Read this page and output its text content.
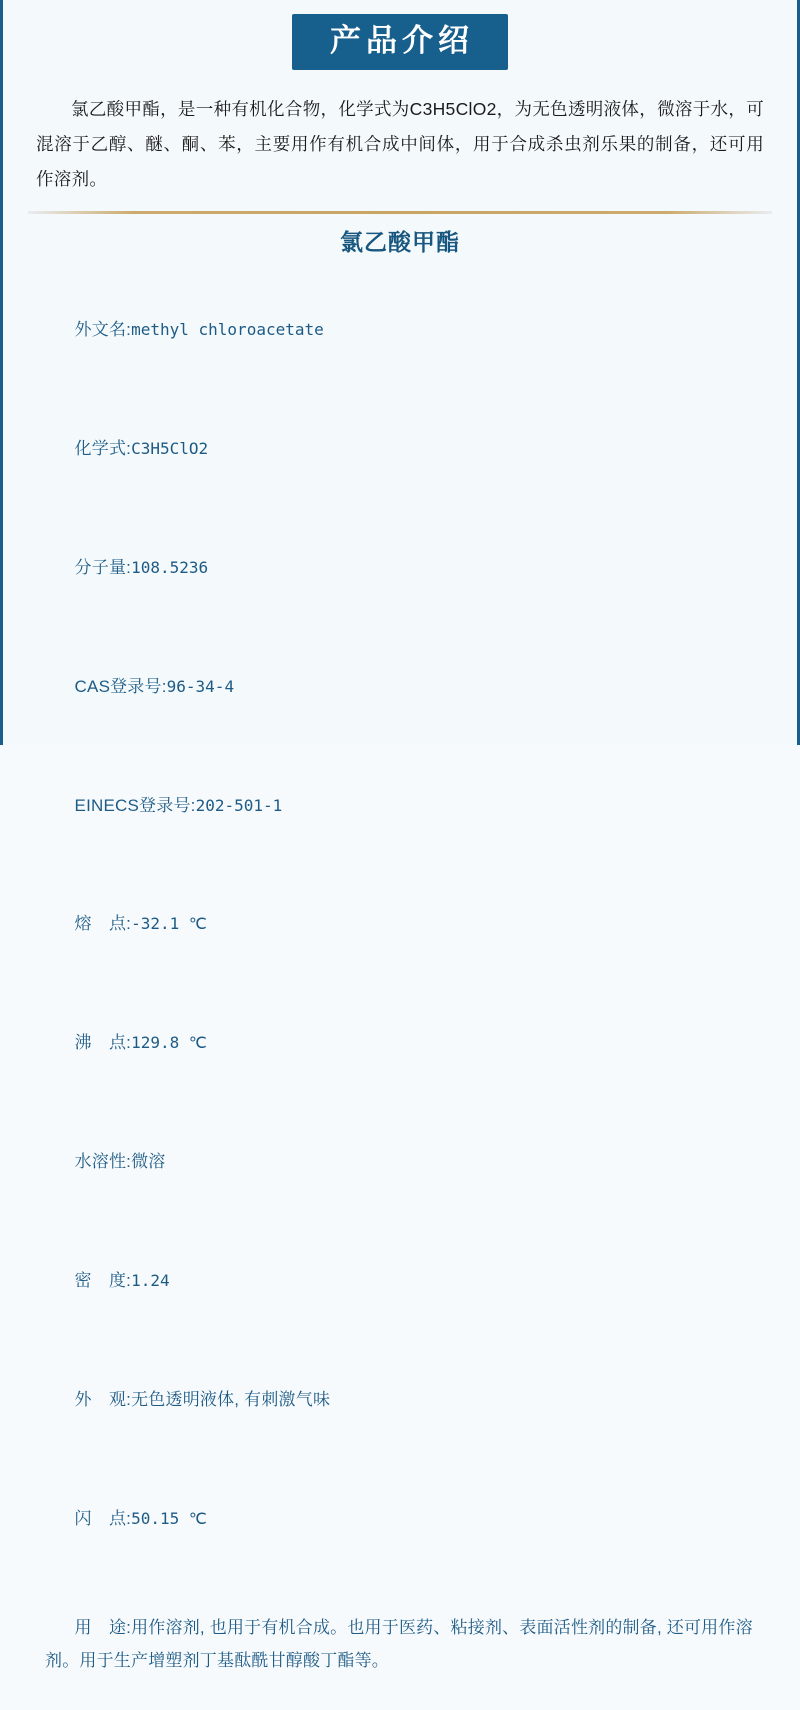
产品介绍

氯乙酸甲酯，是一种有机化合物，化学式为C3H5ClO2，为无色透明液体，微溶于水，可混溶于乙醇、醚、酮、苯，主要用作有机合成中间体，用于合成杀虫剂乐果的制备，还可用作溶剂。

氯乙酸甲酯

外文名:methyl chloroacetate

化学式:C3H5ClO2

分子量:108.5236

CAS登录号:96-34-4

EINECS登录号:202-501-1

熔　点:-32.1 ℃

沸　点:129.8 ℃

水溶性:微溶

密　度:1.24

外　观:无色透明液体, 有刺激气味

闪　点:50.15 ℃

用　途:用作溶剂, 也用于有机合成。也用于医药、粘接剂、表面活性剂的制备, 还可用作溶剂。用于生产增塑剂丁基酞酰甘醇酸丁酯等。
